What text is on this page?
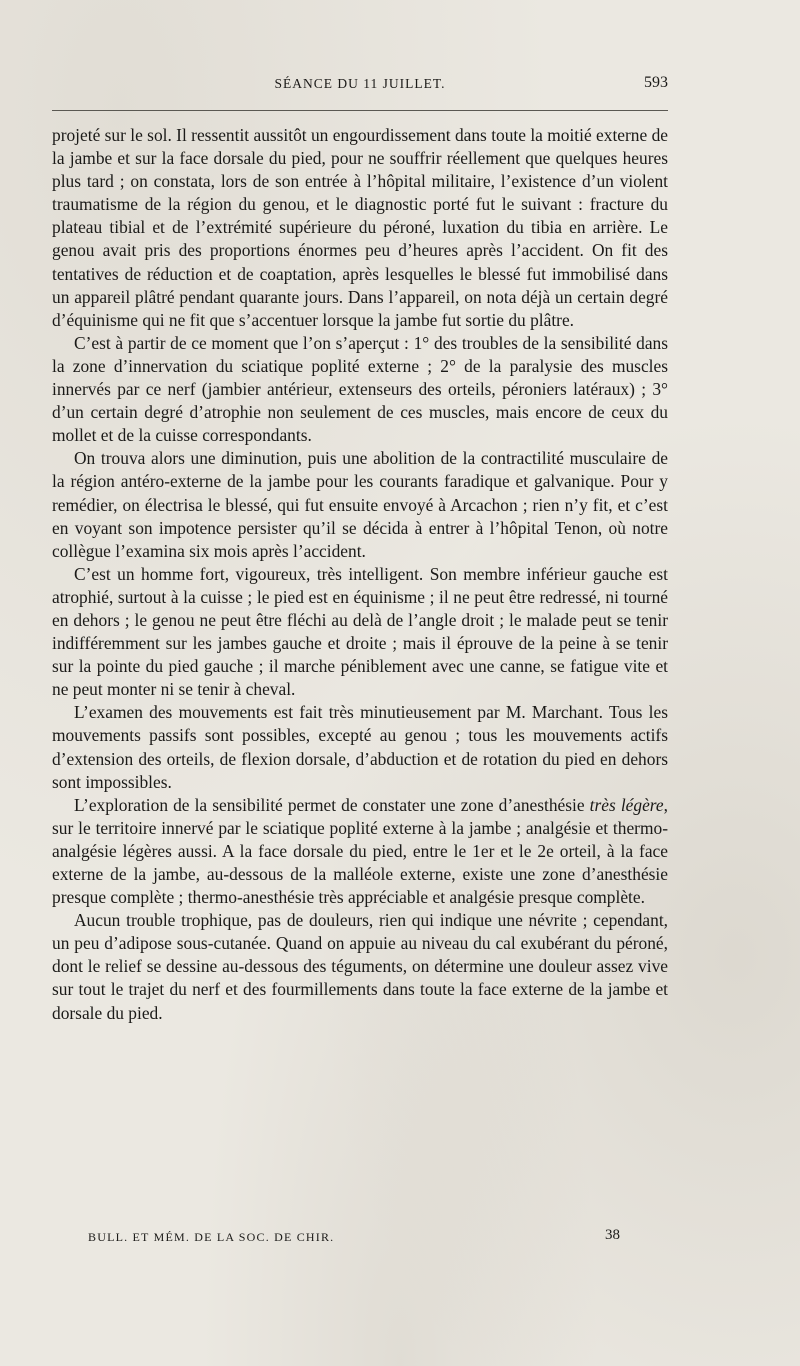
SÉANCE DU 11 JUILLET.	593

projeté sur le sol. Il ressentit aussitôt un engourdissement dans toute la moitié externe de la jambe et sur la face dorsale du pied, pour ne souffrir réellement que quelques heures plus tard ; on constata, lors de son entrée à l’hôpital militaire, l’existence d’un violent traumatisme de la région du genou, et le diagnostic porté fut le suivant : fracture du plateau tibial et de l’extrémité supérieure du péroné, luxation du tibia en arrière. Le genou avait pris des proportions énormes peu d’heures après l’accident. On fit des tentatives de réduction et de coaptation, après lesquelles le blessé fut immobilisé dans un appareil plâtré pendant quarante jours. Dans l’appareil, on nota déjà un certain degré d’équinisme qui ne fit que s’accentuer lorsque la jambe fut sortie du plâtre.

C’est à partir de ce moment que l’on s’aperçut : 1° des troubles de la sensibilité dans la zone d’innervation du sciatique poplité externe ; 2° de la paralysie des muscles innervés par ce nerf (jambier antérieur, extenseurs des orteils, péroniers latéraux) ; 3° d’un certain degré d’atrophie non seulement de ces muscles, mais encore de ceux du mollet et de la cuisse correspondants.

On trouva alors une diminution, puis une abolition de la contractilité musculaire de la région antéro-externe de la jambe pour les courants faradique et galvanique. Pour y remédier, on électrisa le blessé, qui fut ensuite envoyé à Arcachon ; rien n’y fit, et c’est en voyant son impotence persister qu’il se décida à entrer à l’hôpital Tenon, où notre collègue l’examina six mois après l’accident.

C’est un homme fort, vigoureux, très intelligent. Son membre inférieur gauche est atrophié, surtout à la cuisse ; le pied est en équinisme ; il ne peut être redressé, ni tourné en dehors ; le genou ne peut être fléchi au delà de l’angle droit ; le malade peut se tenir indifféremment sur les jambes gauche et droite ; mais il éprouve de la peine à se tenir sur la pointe du pied gauche ; il marche péniblement avec une canne, se fatigue vite et ne peut monter ni se tenir à cheval.

L’examen des mouvements est fait très minutieusement par M. Marchant. Tous les mouvements passifs sont possibles, excepté au genou ; tous les mouvements actifs d’extension des orteils, de flexion dorsale, d’abduction et de rotation du pied en dehors sont impossibles.

L’exploration de la sensibilité permet de constater une zone d’anesthésie très légère, sur le territoire innervé par le sciatique poplité externe à la jambe ; analgésie et thermo-analgésie légères aussi. A la face dorsale du pied, entre le 1er et le 2e orteil, à la face externe de la jambe, au-dessous de la malléole externe, existe une zone d’anesthésie presque complète ; thermo-anesthésie très appréciable et analgésie presque complète.

Aucun trouble trophique, pas de douleurs, rien qui indique une névrite ; cependant, un peu d’adipose sous-cutanée. Quand on appuie au niveau du cal exubérant du péroné, dont le relief se dessine au-dessous des téguments, on détermine une douleur assez vive sur tout le trajet du nerf et des fourmillements dans toute la face externe de la jambe et dorsale du pied.

BULL. ET MÉM. DE LA SOC. DE CHIR.	38
